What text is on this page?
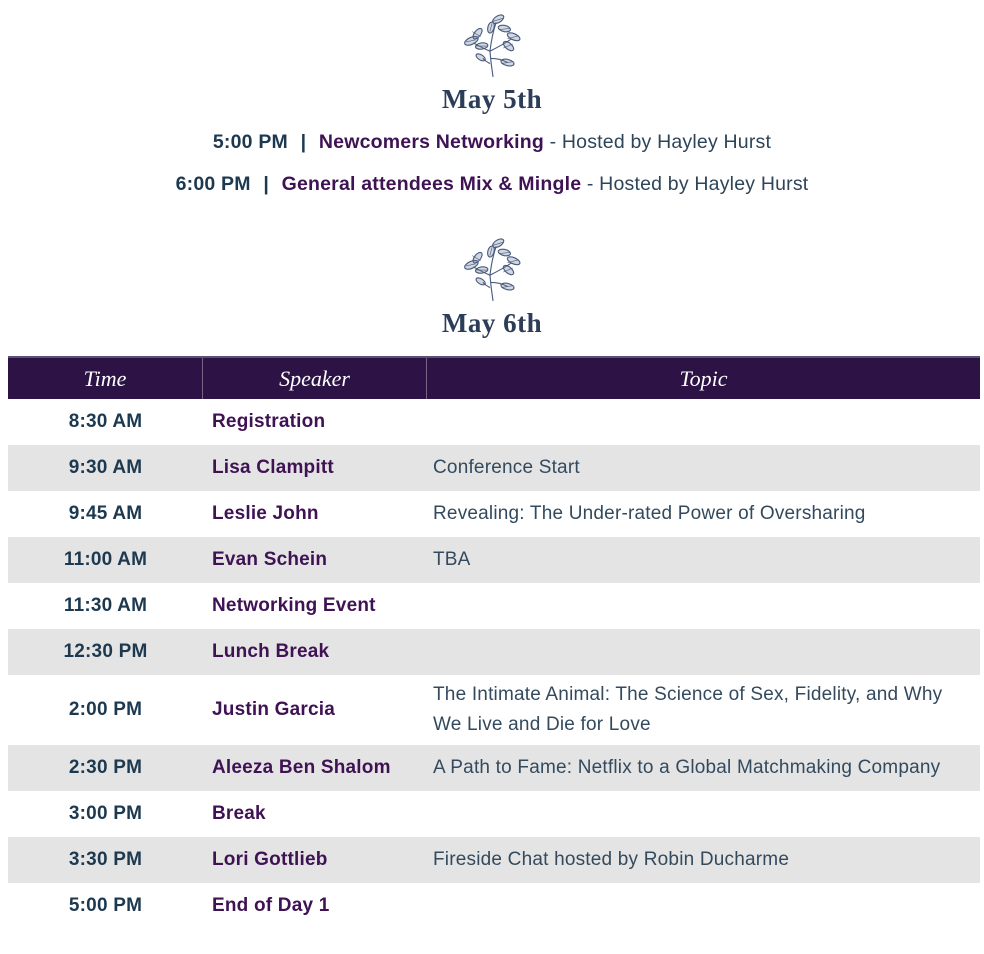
May 5th

5:00 PM | Newcomers Networking - Hosted by Hayley Hurst

6:00 PM | General attendees Mix & Mingle - Hosted by Hayley Hurst

May 6th
Time	Speaker	Topic
8:30 AM	Registration
9:30 AM	Lisa Clampitt	Conference Start
9:45 AM	Leslie John	Revealing: The Under-rated Power of Oversharing
11:00 AM	Evan Schein	TBA
11:30 AM	Networking Event
12:30 PM	Lunch Break
2:00 PM	Justin Garcia
The Intimate Animal: The Science of Sex, Fidelity, and Why We Live and Die for Love
2:30 PM	Aleeza Ben Shalom	A Path to Fame: Netflix to a Global Matchmaking Company
3:00 PM	Break
3:30 PM	Lori Gottlieb	Fireside Chat hosted by Robin Ducharme
5:00 PM	End of Day 1
